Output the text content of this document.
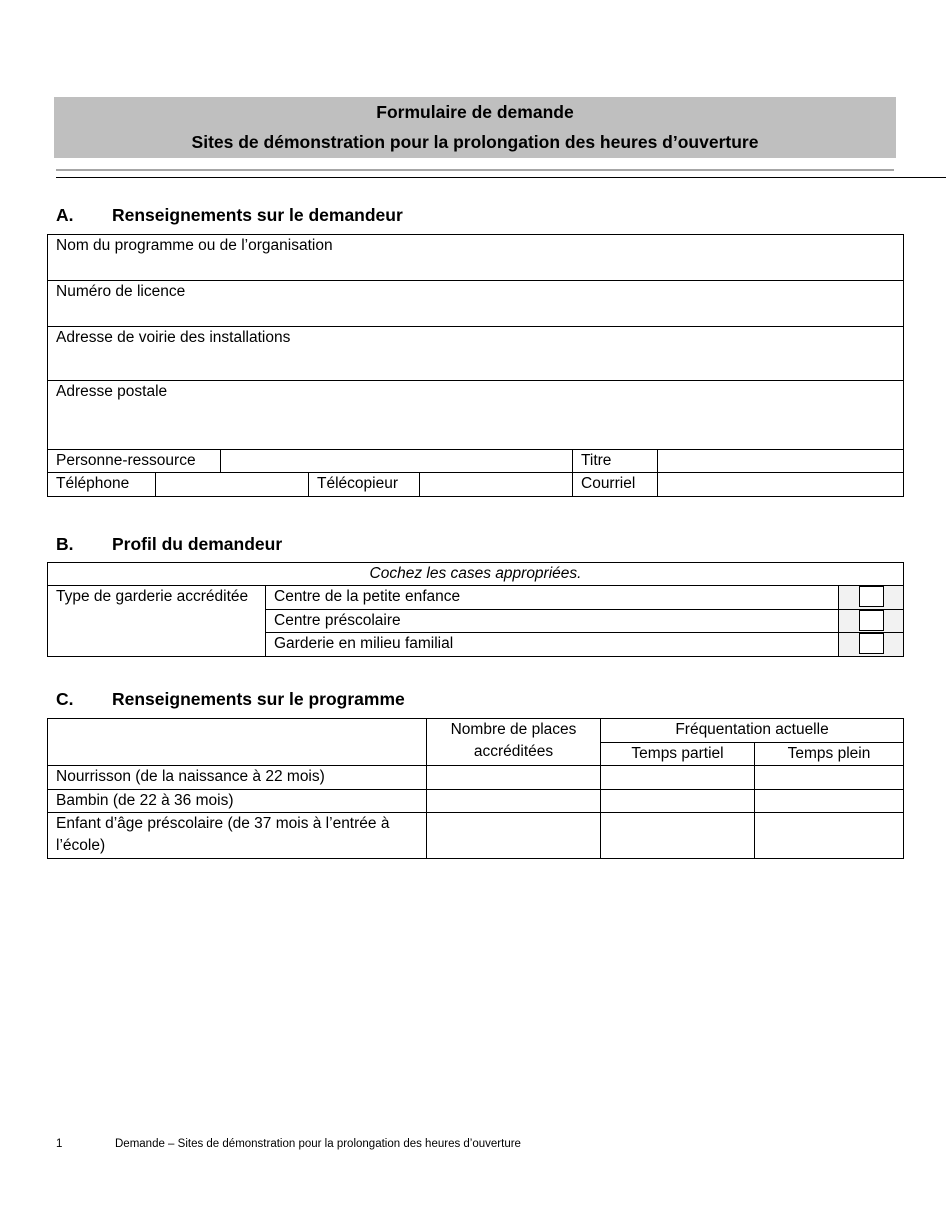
Formulaire de demande
Sites de démonstration pour la prolongation des heures d’ouverture
A. Renseignements sur le demandeur
Nom du programme ou de l’organisation						
Numéro de licence						
Adresse de voirie des installations						
Adresse postale						
Personne-ressource					Titre	
Téléphone			Télécopieur		Courriel	
B. Profil du demandeur
Cochez les cases appropriées.		
Type de garderie accréditée	Centre de la petite enfance	

	Centre préscolaire	

	Garderie en milieu familial	
C. Renseignements sur le programme
	Nombre de places accréditées	Fréquentation actuelle	
		Temps partiel	Temps plein
Nourrisson (de la naissance à 22 mois)			
Bambin (de 22 à 36 mois)			
Enfant d’âge préscolaire (de 37 mois à l’entrée à l’école)			
1	Demande – Sites de démonstration pour la prolongation des heures d’ouverture
